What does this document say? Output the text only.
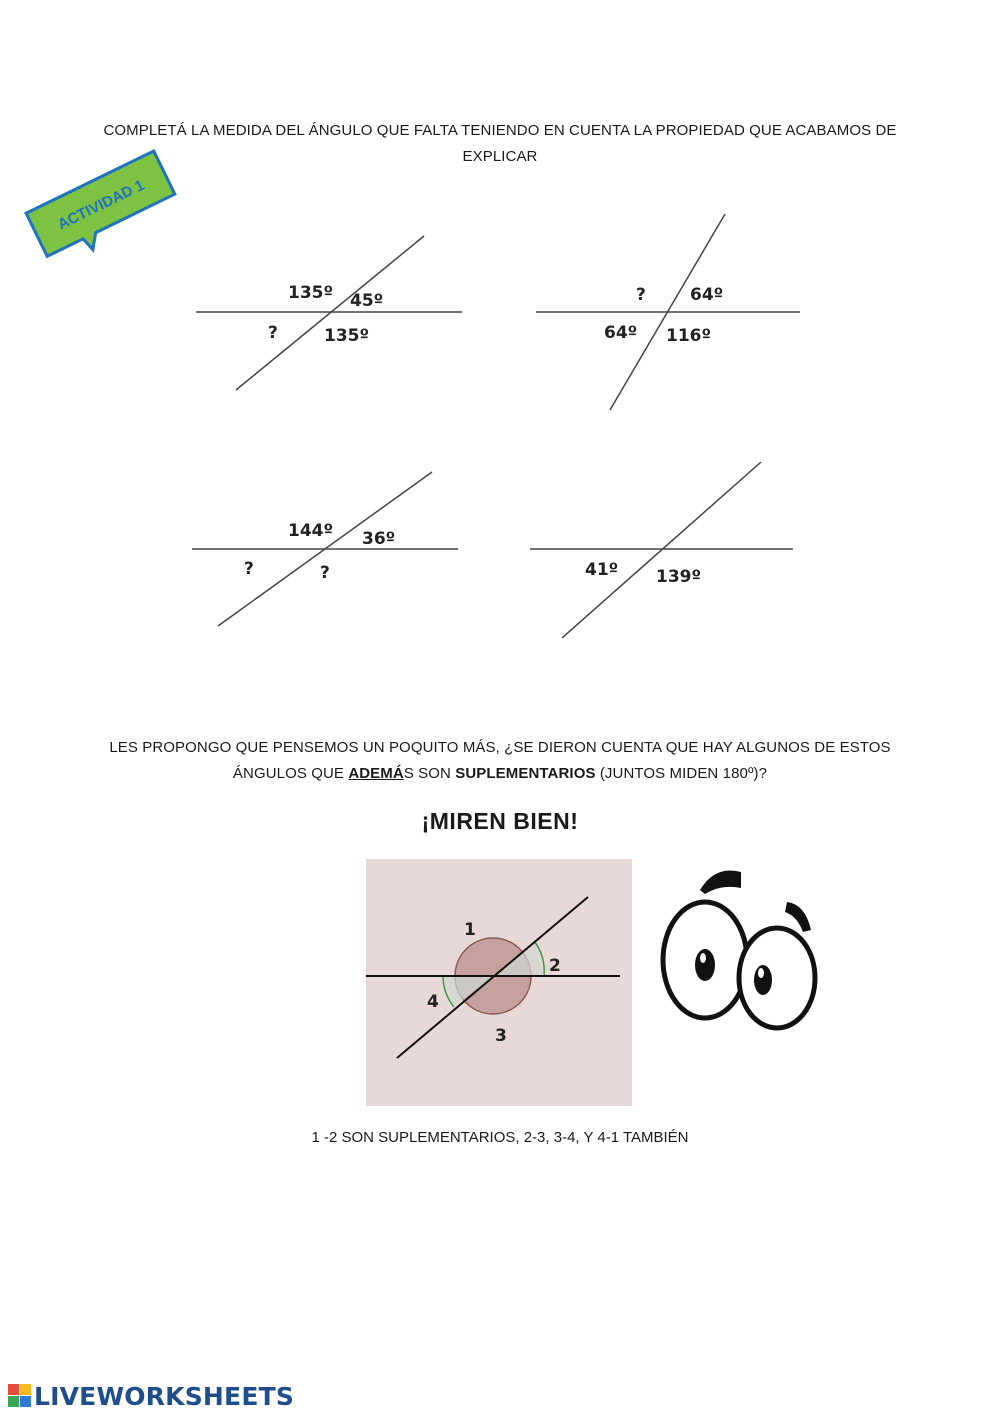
COMPLETÁ LA MEDIDA DEL ÁNGULO QUE FALTA TENIENDO EN CUENTA LA PROPIEDAD QUE ACABAMOS DE
EXPLICAR
ACTIVIDAD 1
135º 45º
?	135º
?	64º
64º 116º
144º 36º
?	?	41º 139º
LES PROPONGO QUE PENSEMOS UN POQUITO MÁS, ¿SE DIERON CUENTA QUE HAY ALGUNOS DE ESTOS
ÁNGULOS QUE ADEMÁS SON SUPLEMENTARIOS (JUNTOS MIDEN 180º)?
¡MIREN BIEN!
1
2
3
4
1 -2 SON SUPLEMENTARIOS, 2-3, 3-4, Y 4-1 TAMBIÉN
LIVEWORKSHEETS
